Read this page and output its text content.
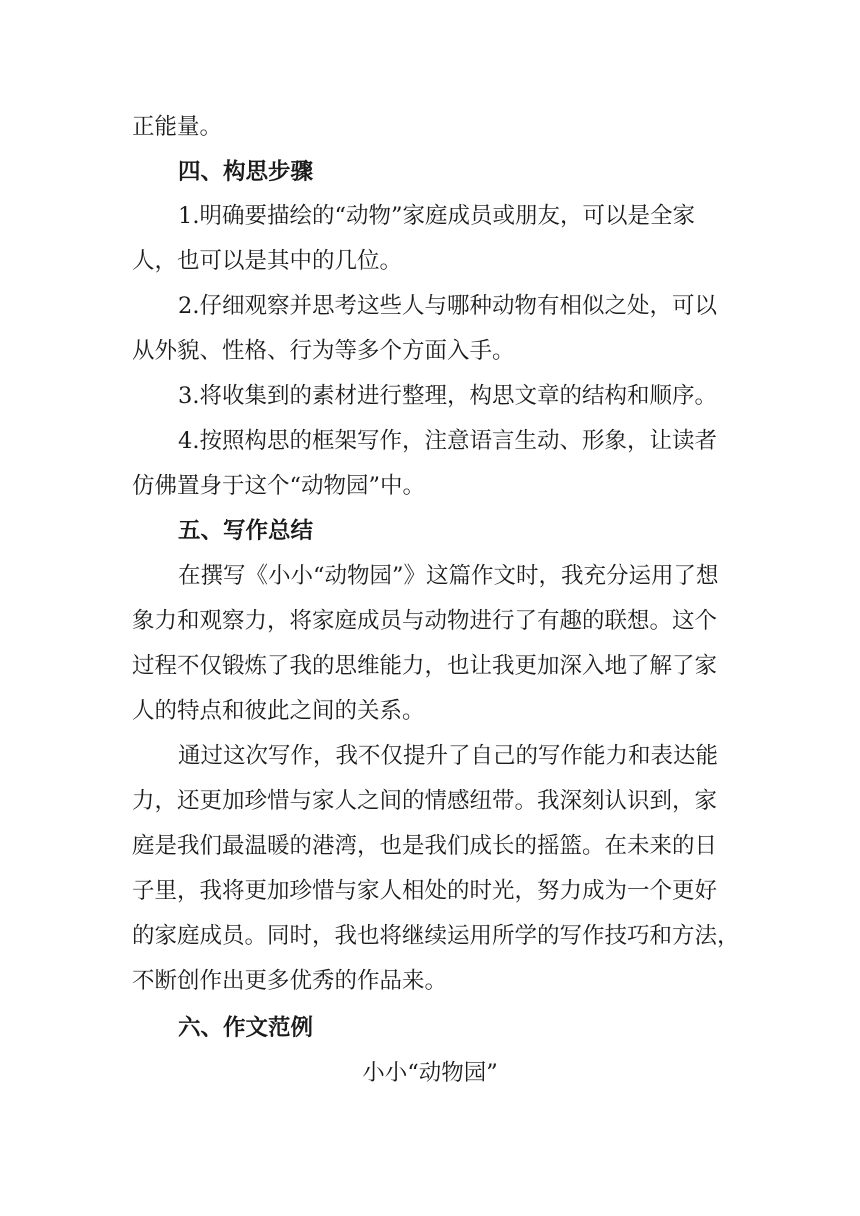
正能量。
四、构思步骤
1.明确要描绘的“动物”家庭成员或朋友，可以是全家
人，也可以是其中的几位。
2.仔细观察并思考这些人与哪种动物有相似之处，可以
从外貌、性格、行为等多个方面入手。
3.将收集到的素材进行整理，构思文章的结构和顺序。
4.按照构思的框架写作，注意语言生动、形象，让读者
仿佛置身于这个“动物园”中。
五、写作总结
在撰写《小小“动物园”》这篇作文时，我充分运用了想
象力和观察力，将家庭成员与动物进行了有趣的联想。这个
过程不仅锻炼了我的思维能力，也让我更加深入地了解了家
人的特点和彼此之间的关系。
通过这次写作，我不仅提升了自己的写作能力和表达能
力，还更加珍惜与家人之间的情感纽带。我深刻认识到，家
庭是我们最温暖的港湾，也是我们成长的摇篮。在未来的日
子里，我将更加珍惜与家人相处的时光，努力成为一个更好
的家庭成员。同时，我也将继续运用所学的写作技巧和方法，
不断创作出更多优秀的作品来。
六、作文范例
小小“动物园”
